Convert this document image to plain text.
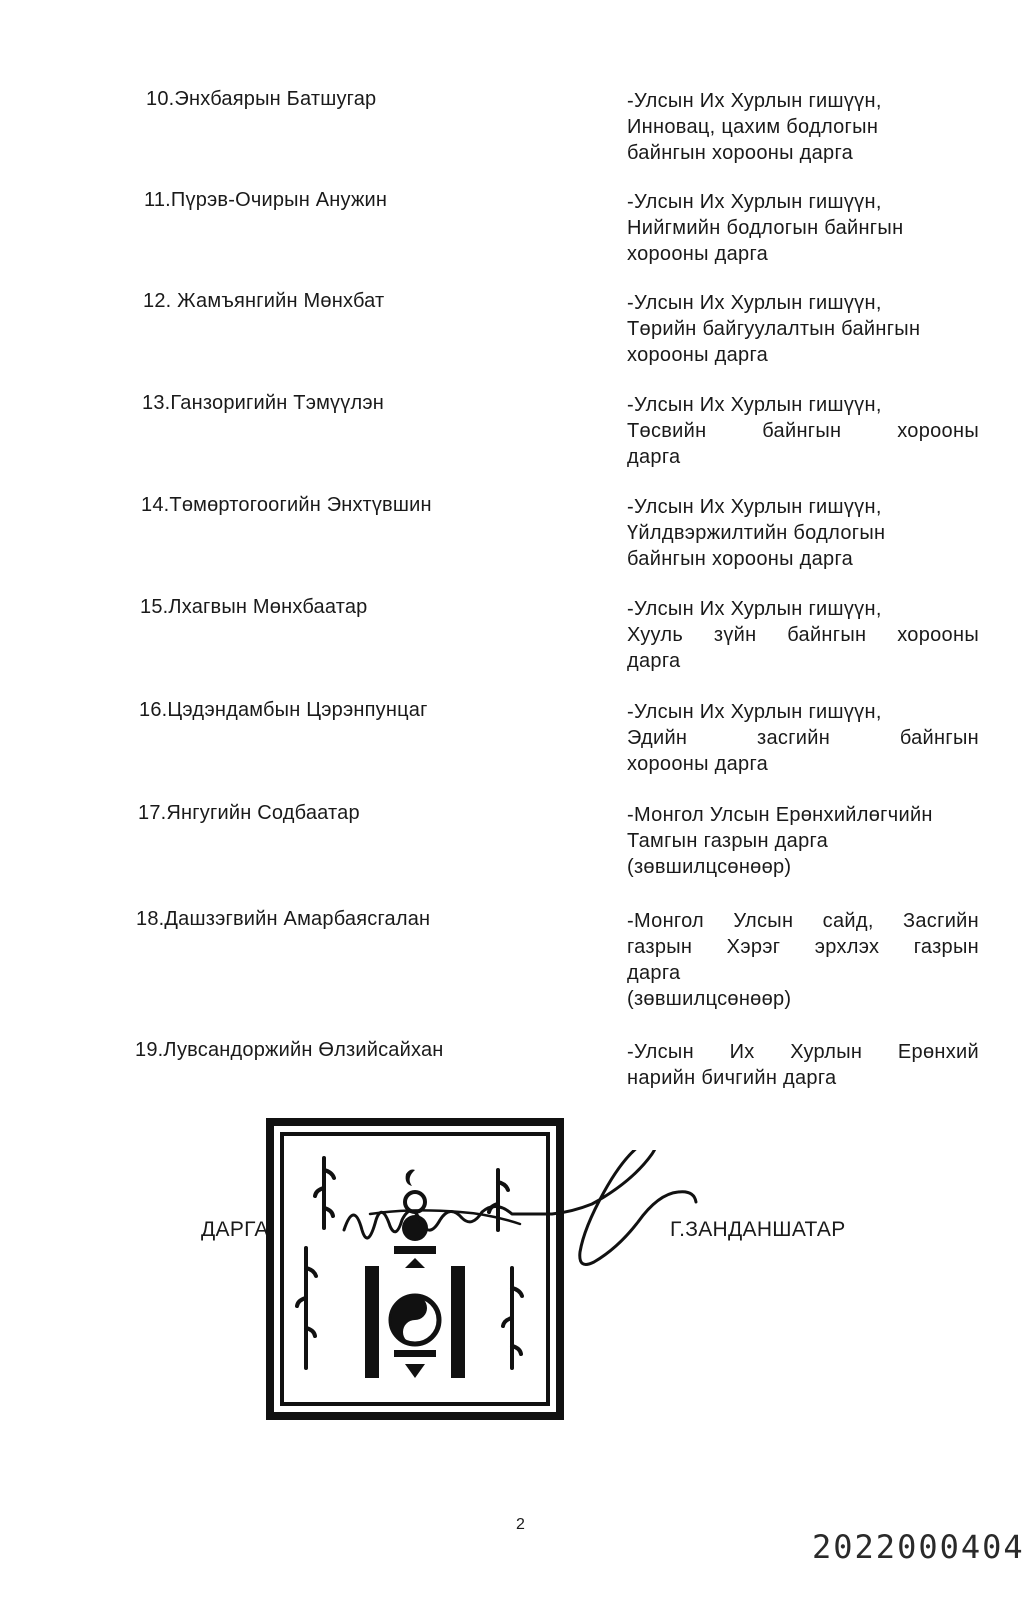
10.Энхбаярын Батшугар	-Улсын Их Хурлын гишүүн,
Инновац, цахим бодлогын
байнгын хорооны дарга
11.Пүрэв-Очирын Анужин	-Улсын Их Хурлын гишүүн,
Нийгмийн бодлогын байнгын
хорооны дарга
12. Жамъянгийн Мөнхбат	-Улсын Их Хурлын гишүүн,
Төрийн байгуулалтын байнгын
хорооны дарга
13.Ганзоригийн Тэмүүлэн	-Улсын Их Хурлын гишүүн,
Төсвийн байнгын хорооны
дарга
14.Төмөртогоогийн Энхтүвшин	-Улсын Их Хурлын гишүүн,
Үйлдвэржилтийн бодлогын
байнгын хорооны дарга
15.Лхагвын Мөнхбаатар	-Улсын Их Хурлын гишүүн,
Хууль зүйн байнгын хорооны
дарга
16.Цэдэндамбын Цэрэнпунцаг	-Улсын Их Хурлын гишүүн,
Эдийн засгийн байнгын
хорооны дарга
17.Янгугийн Содбаатар	-Монгол Улсын Ерөнхийлөгчийн
Тамгын газрын дарга
(зөвшилцсөнөөр)
18.Дашзэгвийн Амарбаясгалан	-Монгол Улсын сайд, Засгийн
газрын Хэрэг эрхлэх газрын
дарга
(зөвшилцсөнөөр)
19.Лувсандоржийн Өлзийсайхан	-Улсын Их Хурлын Ерөнхий
нарийн бичгийн дарга
ДАРГА	Г.ЗАНДАНШАТАР
2
2022000404
